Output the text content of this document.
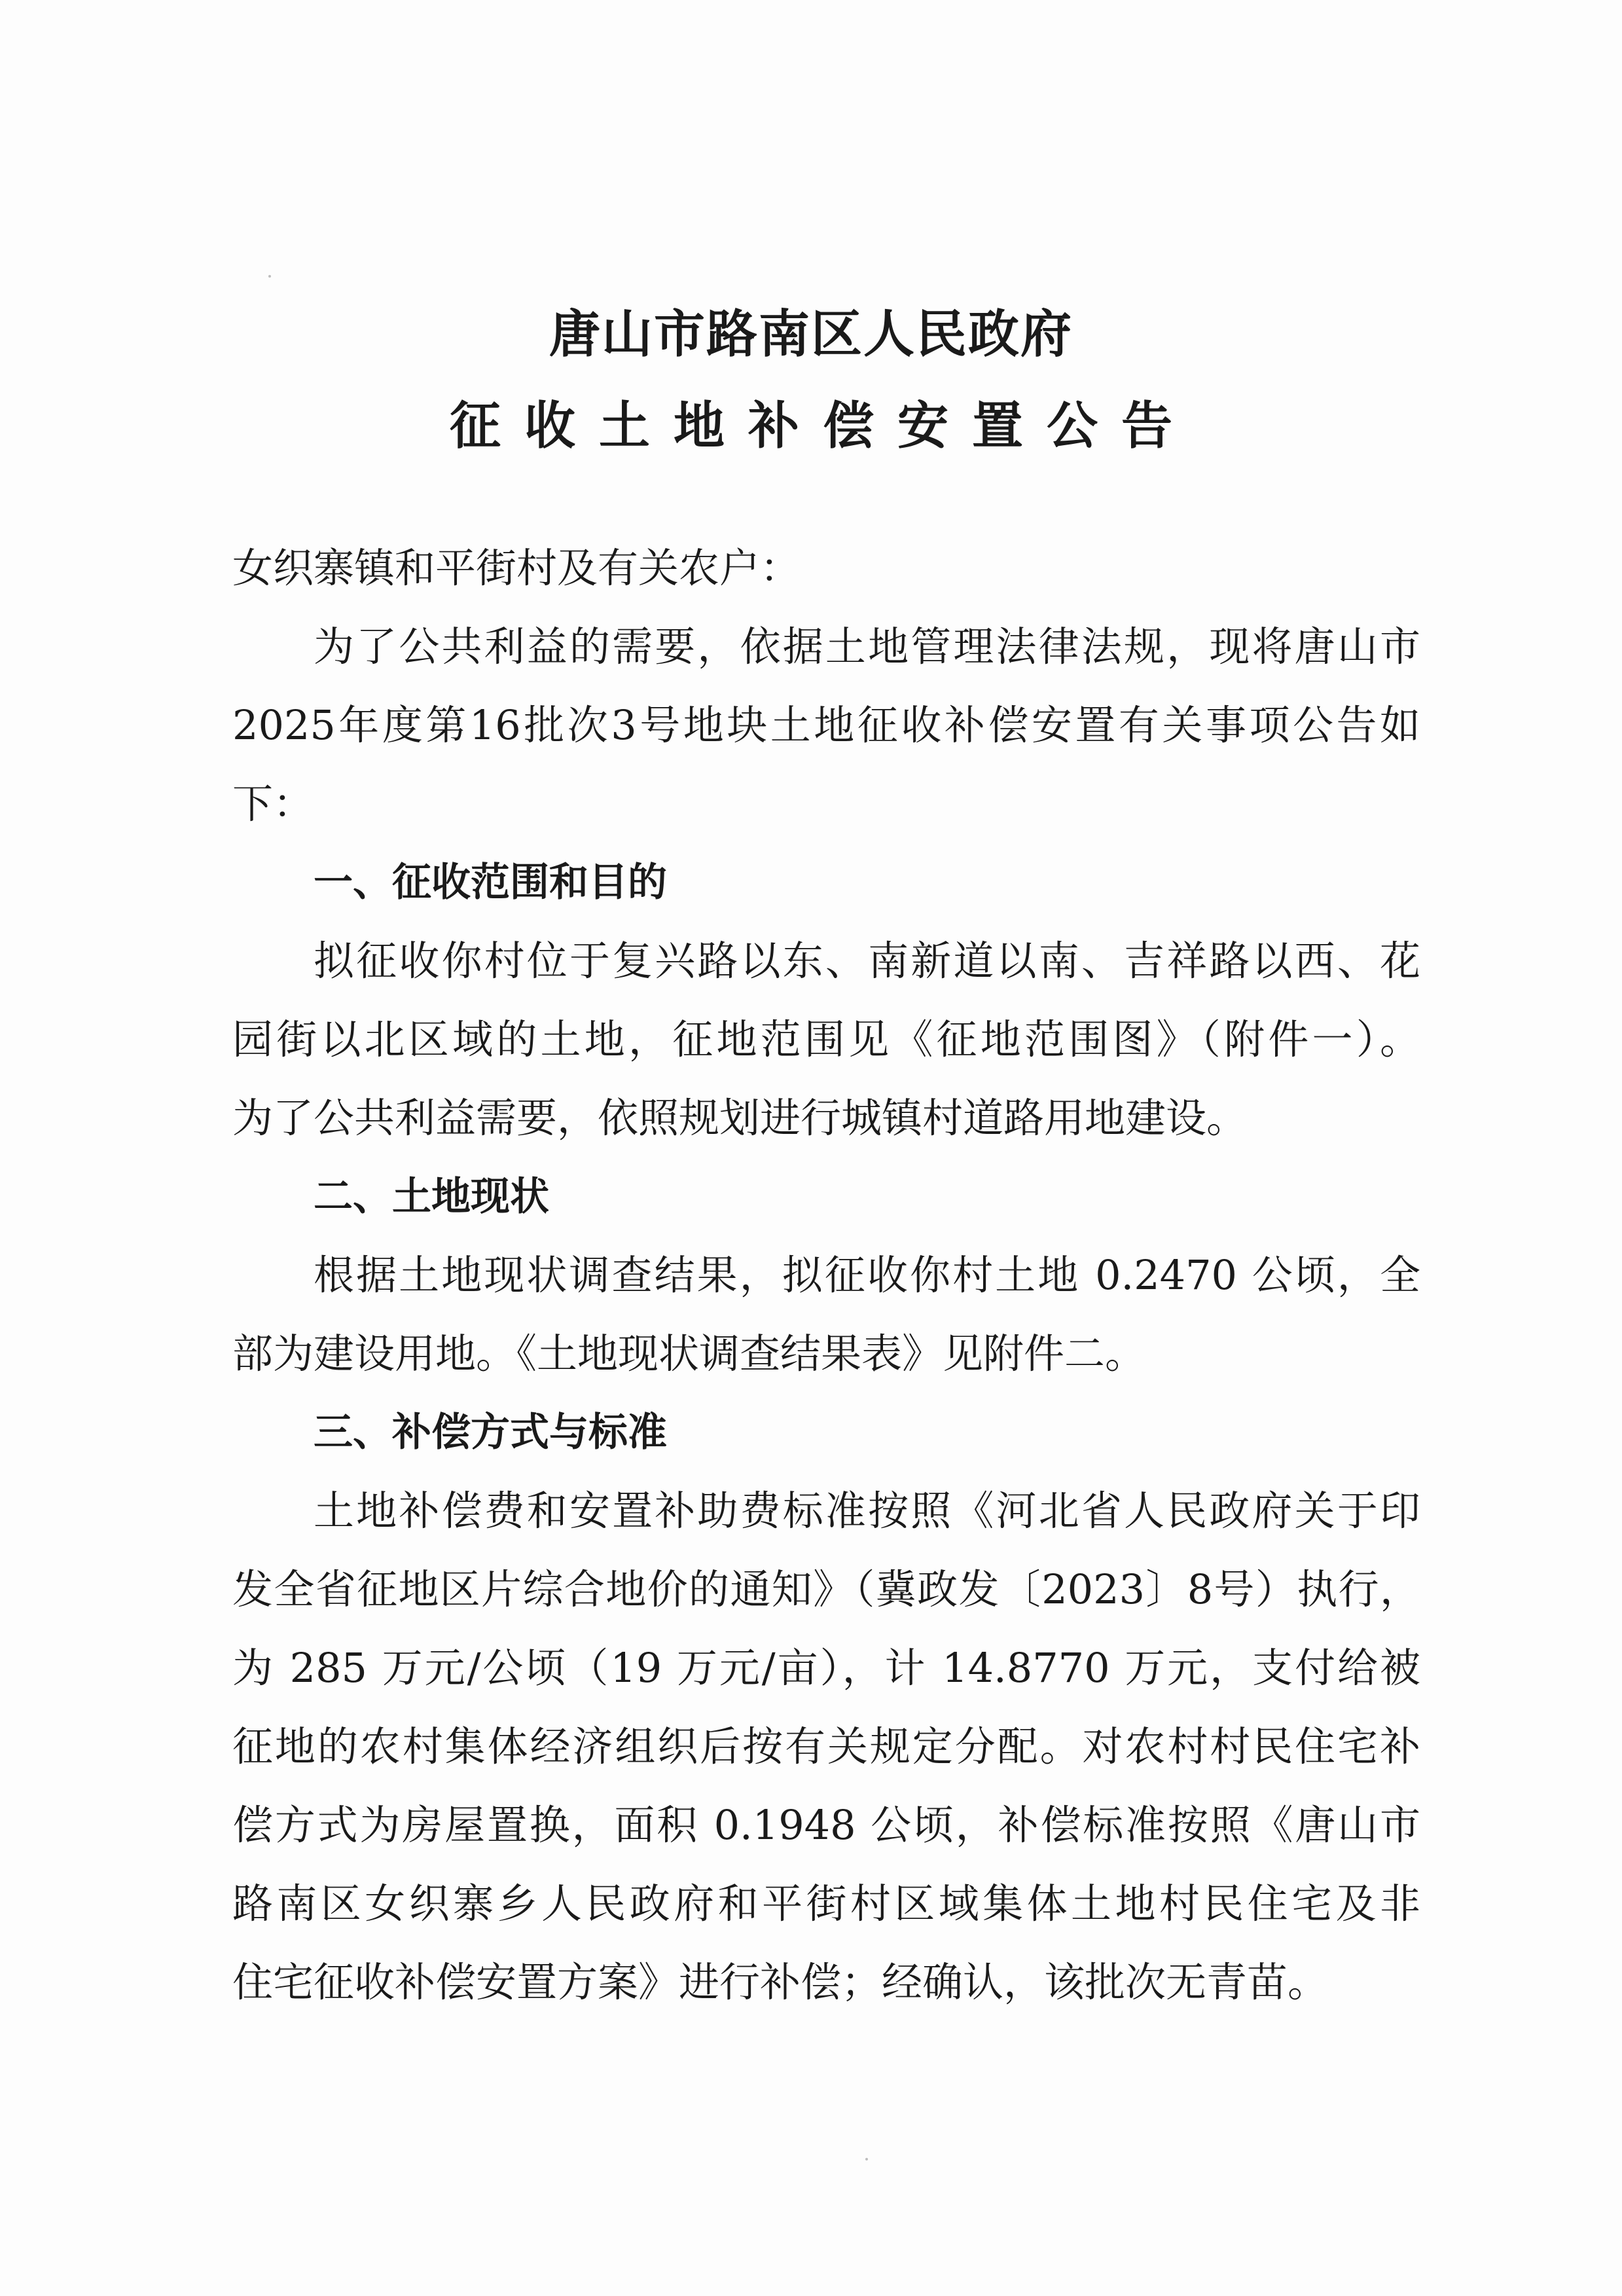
唐山市路南区人民政府

征收土地补偿安置公告

女织寨镇和平街村及有关农户：

为了公共利益的需要，依据土地管理法律法规，现将唐山市

2025年度第16批次3号地块土地征收补偿安置有关事项公告如

下：

一、征收范围和目的

拟征收你村位于复兴路以东、南新道以南、吉祥路以西、花

园街以北区域的土地，征地范围见《征地范围图》（附件一）。

为了公共利益需要，依照规划进行城镇村道路用地建设。

二、土地现状

根据土地现状调查结果，拟征收你村土地 0.2470 公顷，全

部为建设用地。《土地现状调查结果表》见附件二。

三、补偿方式与标准

土地补偿费和安置补助费标准按照《河北省人民政府关于印

发全省征地区片综合地价的通知》（冀政发〔2023〕8号）执行，

为 285 万元/公顷（19 万元/亩），计 14.8770 万元，支付给被

征地的农村集体经济组织后按有关规定分配。对农村村民住宅补

偿方式为房屋置换，面积 0.1948 公顷，补偿标准按照《唐山市

路南区女织寨乡人民政府和平街村区域集体土地村民住宅及非

住宅征收补偿安置方案》进行补偿；经确认，该批次无青苗。
